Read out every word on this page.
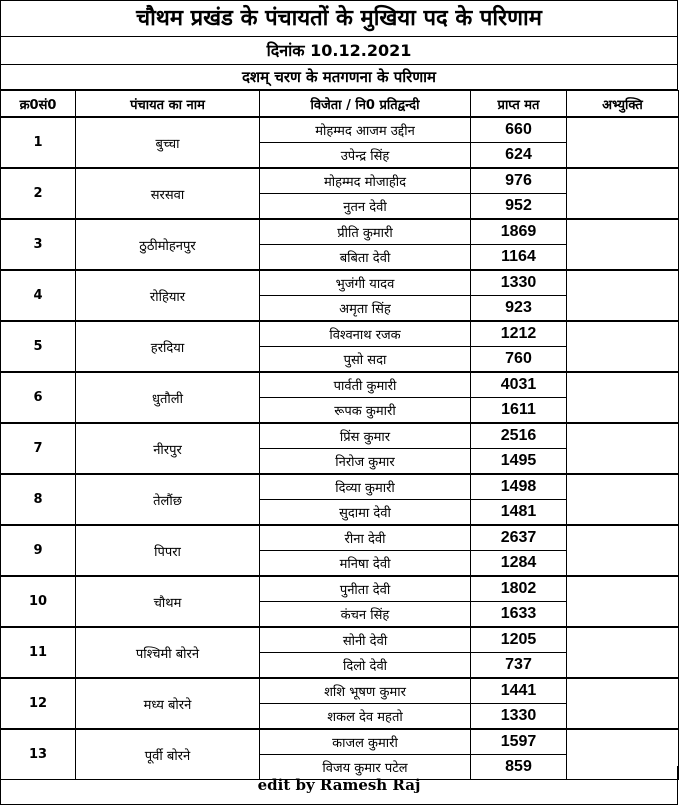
चौथम प्रखंड के पंचायतों के मुखिया पद के परिणाम
दिनांक 10.12.2021
दशम् चरण के मतगणना के परिणाम
क्र0सं0	पंचायत का नाम	विजेता / नि0 प्रतिद्वन्दी	प्राप्त मत	अभ्युक्ति
1	बुच्चा	मोहम्मद आजम उद्दीन	660	
		उपेन्द्र सिंह	624	
2	सरसवा	मोहम्मद मोजाहीद	976	
		नुतन देवी	952	
3	ठुठीमोहनपुर	प्रीति कुमारी	1869	
		बबिता देवी	1164	
4	रोहियार	भुजंगी यादव	1330	
		अमृता सिंह	923	
5	हरदिया	विश्वनाथ रजक	1212	
		पुसो सदा	760	
6	धुतौली	पार्वती कुमारी	4031	
		रूपक कुमारी	1611	
7	नीरपुर	प्रिंस कुमार	2516	
		निरोज कुमार	1495	
8	तेलौंछ	दिव्या कुमारी	1498	
		सुदामा देवी	1481	
9	पिपरा	रीना देवी	2637	
		मनिषा देवी	1284	
10	चौथम	पुनीता देवी	1802	
		कंचन सिंह	1633	
11	पश्चिमी बोरने	सोनी देवी	1205	
		दिलो देवी	737	
12	मध्य बोरने	शशि भूषण कुमार	1441	
		शकल देव महतो	1330	
13	पूर्वी बोरने	काजल कुमारी	1597	
		विजय कुमार पटेल	859	
edit by Ramesh Raj
